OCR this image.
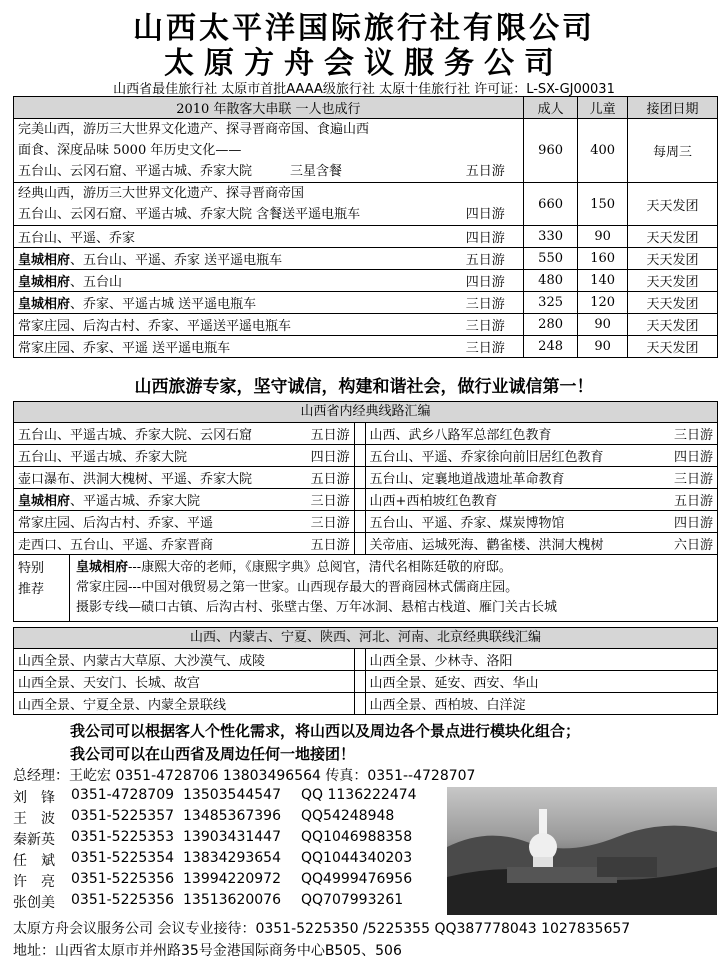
山西太平洋国际旅行社有限公司
太原方舟会议服务公司
山西省最佳旅行社 太原市首批AAAA级旅行社 太原十佳旅行社 许可证：L-SX-GJ00031
2010 年散客大串联 一人也成行	成人	儿童	接团日期

完美山西，游历三大世界文化遗产、探寻晋商帝国、食遍山西
面食、深度品味 5000 年历史文化——
五台山、云冈石窟、平遥古城、乔家大院 三星含餐 五日游	960	400	每周三

经典山西，游历三大世界文化遗产、探寻晋商帝国
五台山、云冈石窟、平遥古城、乔家大院 含餐送平遥电瓶车 四日游	660	150	天天发团

五台山、平遥、乔家 四日游	330	90	天天发团

皇城相府 、五台山、平遥、乔家 送平遥电瓶车 五日游	550	160	天天发团

皇城相府 、五台山 四日游	480	140	天天发团

皇城相府 、乔家、平遥古城 送平遥电瓶车 三日游	325	120	天天发团

常家庄园、后沟古村、乔家、平遥送平遥电瓶车 三日游	280	90	天天发团

常家庄园、乔家、平遥 送平遥电瓶车 三日游	248	90	天天发团
山西旅游专家，坚守诚信，构建和谐社会，做行业诚信第一！
山西省内经典线路汇编
五台山、平遥古城、乔家大院、云冈石窟	五日游 山西、武乡八路军总部红色教育	三日游
五台山、平遥古城、乔家大院	四日游 五台山、平遥、乔家徐向前旧居红色教育	四日游
壶口瀑布、洪洞大槐树、平遥、乔家大院	五日游 五台山、定襄地道战遗址革命教育	三日游
皇城相府、平遥古城、乔家大院	三日游 山西+西柏坡红色教育	五日游
常家庄园、后沟古村、乔家、平遥	三日游 五台山、平遥、乔家、煤炭博物馆	四日游
走西口、五台山、平遥、乔家晋商	五日游 关帝庙、运城死海、鹳雀楼、洪洞大槐树	六日游
特别
推荐
皇城相府---康熙大帝的老师，《康熙字典》总阅官，清代名相陈廷敬的府邸。
常家庄园---中国对俄贸易之第一世家。山西现存最大的晋商园林式儒商庄园。
摄影专线—碛口古镇、后沟古村、张壁古堡、万年冰洞、悬棺古栈道、雁门关古长城
山西、内蒙古、宁夏、陕西、河北、河南、北京经典联线汇编
山西全景、内蒙古大草原、大沙漠气、成陵	山西全景、少林寺、洛阳
山西全景、天安门、长城、故宫	山西全景、延安、西安、华山
山西全景、宁夏全景、内蒙全景联线	山西全景、西柏坡、白洋淀
我公司可以根据客人个性化需求，将山西以及周边各个景点进行模块化组合；
我公司可以在山西省及周边任何一地接团！
总经理：王屹宏 0351-4728706 13803496564 传真：0351--4728707
刘　锋	0351-4728709 13503544547	QQ 1136222474
王　波	0351-5225357 13485367396	QQ54248948
秦新英	0351-5225353 13903431447	QQ1046988358
任　斌	0351-5225354 13834293654	QQ1044340203
许　亮	0351-5225356 13994220972	QQ4999476956
张创美	0351-5225356 13513620076	QQ707993261
太原方舟会议服务公司 会议专业接待：0351-5225350 /5225355 QQ387778043 1027835657
地址：山西省太原市并州路35号金港国际商务中心B505、506
